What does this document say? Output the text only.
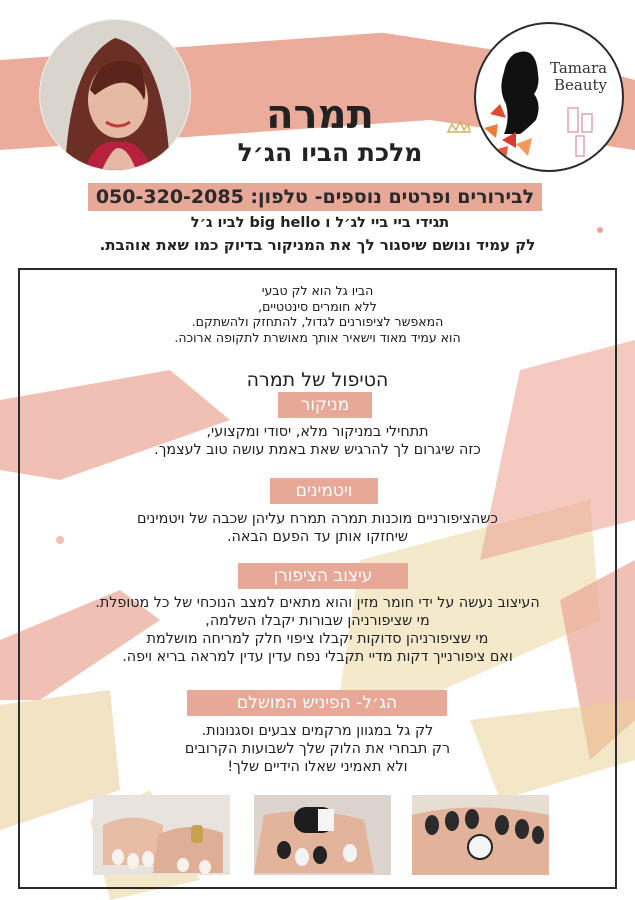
Tamara
Beauty
תמרה
מלכת הביו הג׳ל
לבירורים ופרטים נוספים- טלפון: 050-320-2085
תגידי ביי ביי לג׳ל ו big hello לביו ג׳ל
לק עמיד ונושם שיסגור לך את המניקור בדיוק כמו שאת אוהבת.
הביו גל הוא לק טבעי
ללא חומרים סינטטיים,
המאפשר לציפורנים לגדול, להתחזק ולהשתקם.
הוא עמיד מאוד וישאיר אותך מאושרת לתקופה ארוכה.
הטיפול של תמרה
מניקור
תתחילי במניקור מלא, יסודי ומקצועי,
כזה שיגרום לך להרגיש שאת באמת עושה טוב לעצמך.
ויטמינים
כשהציפורניים מוכנות תמרה תמרח עליהן שכבה של ויטמינים
שיחזקו אותן עד הפעם הבאה.
עיצוב הציפורן
העיצוב נעשה על ידי חומר מזין והוא מתאים למצב הנוכחי של כל מטופלת.
מי שציפורניהן שבורות יקבלו השלמה,
מי שציפורניהן סדוקות יקבלו ציפוי חלק למריחה מושלמת
ואם ציפורנייך דקות מדיי תקבלי נפח עדין עדין למראה בריא ויפה.
הג׳ל- הפיניש המושלם
לק גל במגוון מרקמים צבעים וסגנונות.
רק תבחרי את הלוק שלך לשבועות הקרובים
ולא תאמיני שאלו הידיים שלך!
